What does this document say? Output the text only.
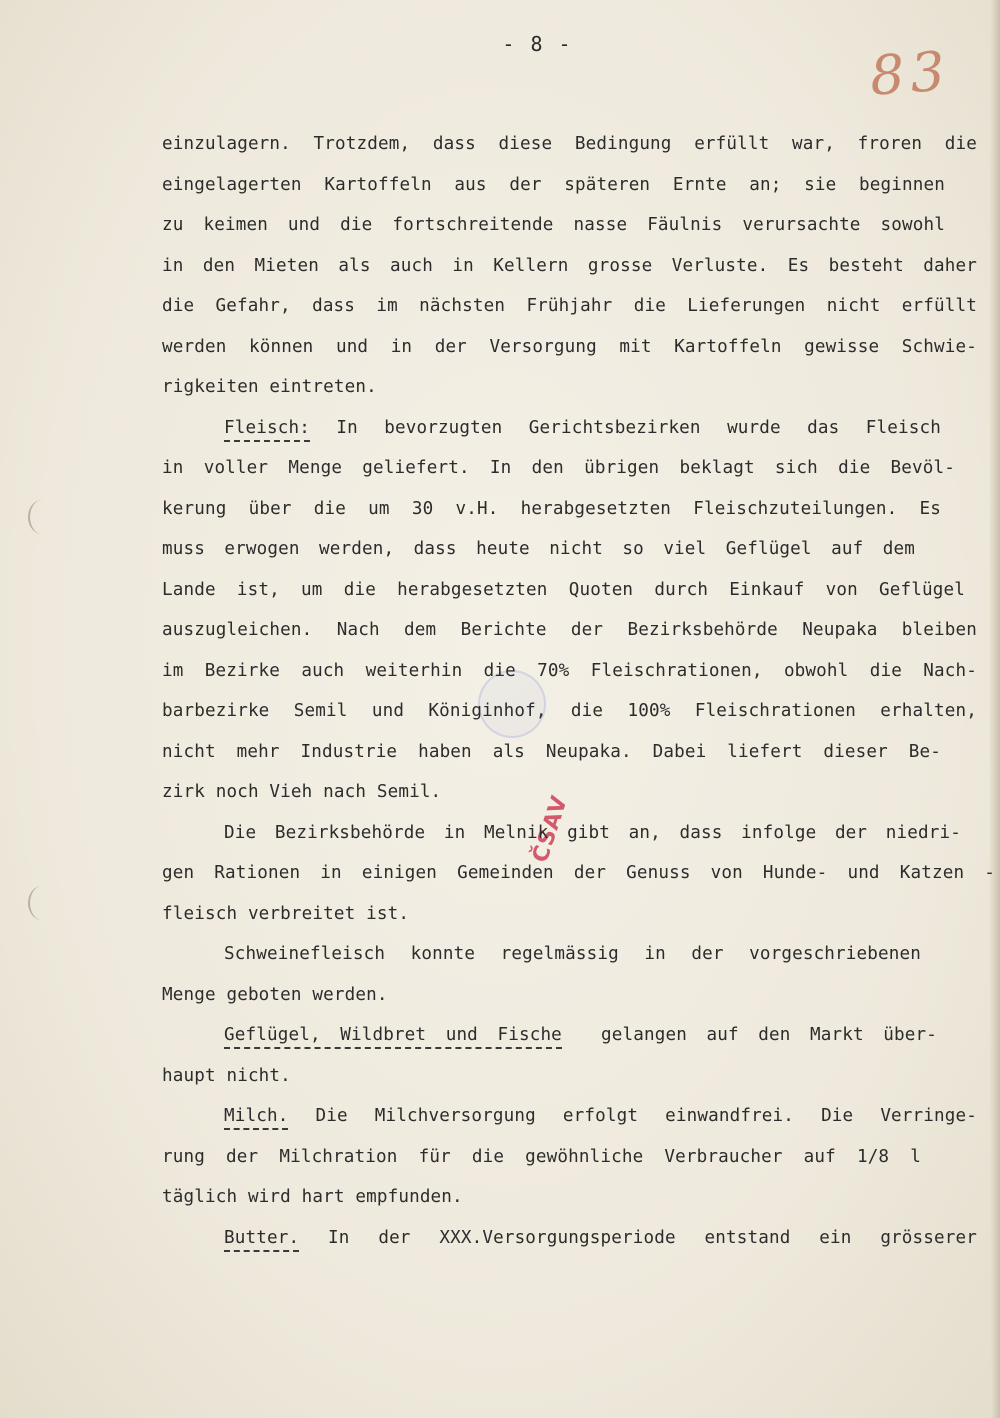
- 8 -	83
ČSAV
einzulagern. Trotzdem, dass diese Bedingung erfüllt war, froren die
eingelagerten Kartoffeln aus der späteren Ernte an; sie beginnen
zu keimen und die fortschreitende nasse Fäulnis verursachte sowohl
in den Mieten als auch in Kellern grosse Verluste. Es besteht daher
die Gefahr, dass im nächsten Frühjahr die Lieferungen nicht erfüllt
werden können und in der Versorgung mit Kartoffeln gewisse Schwie-
rigkeiten eintreten.
Fleisch: In bevorzugten Gerichtsbezirken wurde das Fleisch
in voller Menge geliefert. In den übrigen beklagt sich die Bevöl-
kerung über die um 30 v.H. herabgesetzten Fleischzuteilungen. Es
muss erwogen werden, dass heute nicht so viel Geflügel auf dem
Lande ist, um die herabgesetzten Quoten durch Einkauf von Geflügel
auszugleichen. Nach dem Berichte der Bezirksbehörde Neupaka bleiben
im Bezirke auch weiterhin die 70% Fleischrationen, obwohl die Nach-
barbezirke Semil und Königinhof, die 100% Fleischrationen erhalten,
nicht mehr Industrie haben als Neupaka. Dabei liefert dieser Be-
zirk noch Vieh nach Semil.
Die Bezirksbehörde in Melnik gibt an, dass infolge der niedri-
gen Rationen in einigen Gemeinden der Genuss von Hunde- und Katzen -
fleisch verbreitet ist.
Schweinefleisch konnte regelmässig in der vorgeschriebenen
Menge geboten werden.
Geflügel, Wildbret und Fische  gelangen auf den Markt über-
haupt nicht.
Milch. Die Milchversorgung erfolgt einwandfrei. Die Verringe-
rung der Milchration für die gewöhnliche Verbraucher auf 1/8 l
täglich wird hart empfunden.
Butter. In der XXX.Versorgungsperiode entstand ein grösserer
